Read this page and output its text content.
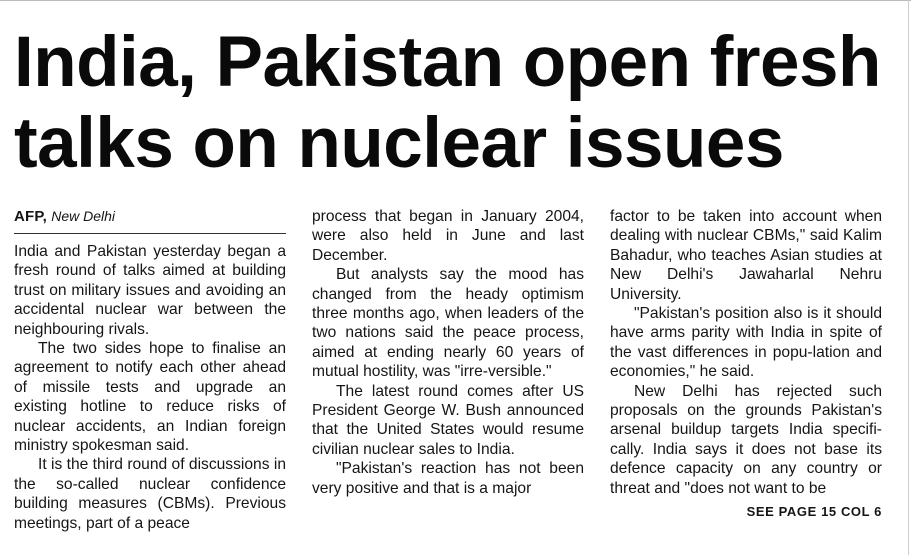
India, Pakistan open fresh
talks on nuclear issues

AFP, New Delhi

India and Pakistan yesterday began a fresh round of talks aimed at building trust on military issues and avoiding an accidental nuclear war between the neighbouring rivals.

The two sides hope to finalise an agreement to notify each other ahead of missile tests and upgrade an existing hotline to reduce risks of nuclear accidents, an Indian foreign ministry spokesman said.

It is the third round of discussions in the so-called nuclear confidence building measures (CBMs). Previous meetings, part of a peace

process that began in January 2004, were also held in June and last December.

But analysts say the mood has changed from the heady optimism three months ago, when leaders of the two nations said the peace process, aimed at ending nearly 60 years of mutual hostility, was "irre-versible."

The latest round comes after US President George W. Bush announced that the United States would resume civilian nuclear sales to India.

"Pakistan's reaction has not been very positive and that is a major

factor to be taken into account when dealing with nuclear CBMs," said Kalim Bahadur, who teaches Asian studies at New Delhi's Jawaharlal Nehru University.

"Pakistan's position also is it should have arms parity with India in spite of the vast differences in popu-lation and economies," he said.

New Delhi has rejected such proposals on the grounds Pakistan's arsenal buildup targets India specifi-cally. India says it does not base its defence capacity on any country or threat and "does not want to be

SEE PAGE 15 COL 6
